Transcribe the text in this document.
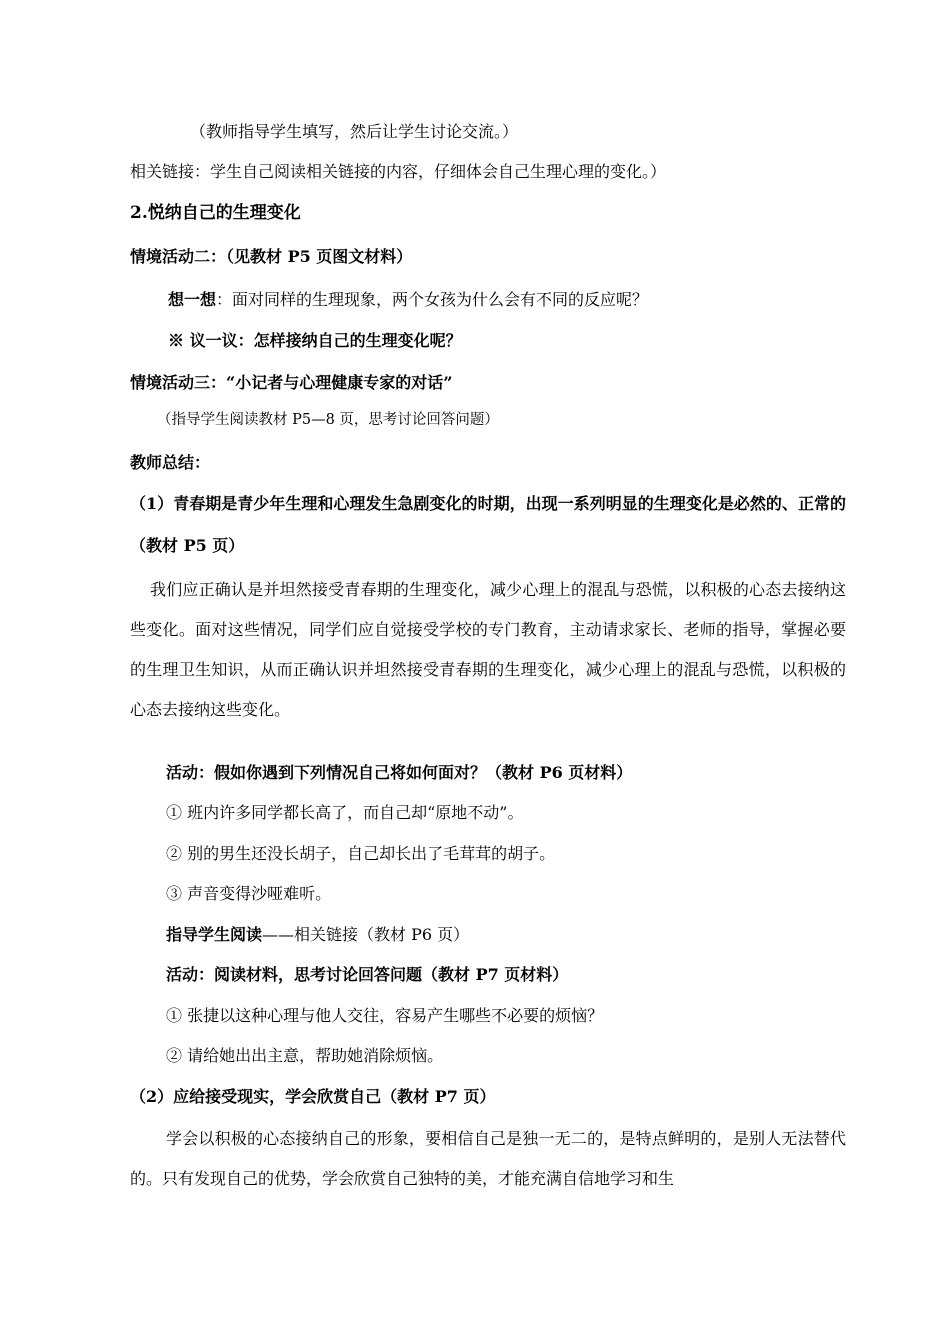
（教师指导学生填写，然后让学生讨论交流。）
相关链接：学生自己阅读相关链接的内容，仔细体会自己生理心理的变化。）
2.悦纳自己的生理变化
情境活动二：（见教材 P5 页图文材料）
想一想：面对同样的生理现象，两个女孩为什么会有不同的反应呢？
※ 议一议：怎样接纳自己的生理变化呢？
情境活动三：“小记者与心理健康专家的对话”
（指导学生阅读教材 P5—8 页，思考讨论回答问题）
教师总结：
（1）青春期是青少年生理和心理发生急剧变化的时期，出现一系列明显的生理变化是必然的、正常的（教材 P5 页）
我们应正确认是并坦然接受青春期的生理变化，减少心理上的混乱与恐慌，以积极的心态去接纳这些变化。面对这些情况，同学们应自觉接受学校的专门教育，主动请求家长、老师的指导，掌握必要的生理卫生知识，从而正确认识并坦然接受青春期的生理变化，减少心理上的混乱与恐慌，以积极的心态去接纳这些变化。
活动：假如你遇到下列情况自己将如何面对？（教材 P6 页材料）
① 班内许多同学都长高了，而自己却“原地不动”。
② 别的男生还没长胡子，自己却长出了毛茸茸的胡子。
③ 声音变得沙哑难听。
指导学生阅读——相关链接（教材 P6 页）
活动：阅读材料，思考讨论回答问题（教材 P7 页材料）
① 张捷以这种心理与他人交往，容易产生哪些不必要的烦恼？
② 请给她出出主意，帮助她消除烦恼。
（2）应给接受现实，学会欣赏自己（教材 P7 页）
学会以积极的心态接纳自己的形象，要相信自己是独一无二的，是特点鲜明的，是别人无法替代的。只有发现自己的优势，学会欣赏自己独特的美，才能充满自信地学习和生
